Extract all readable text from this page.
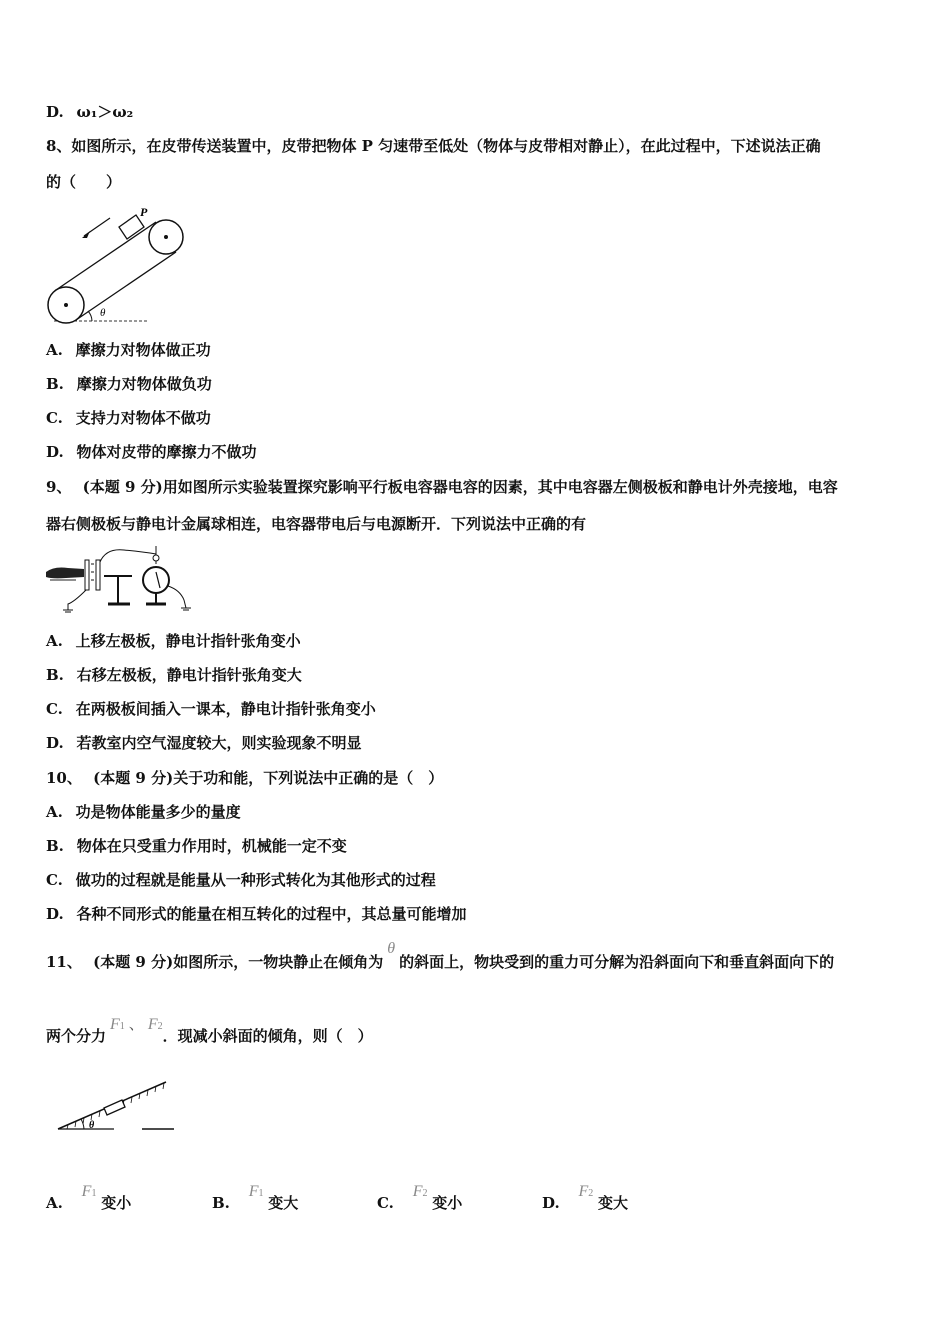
D. ω₁＞ω₂
8、如图所示，在皮带传送装置中，皮带把物体 P 匀速带至低处（物体与皮带相对静止），在此过程中，下述说法正确
的（　　）
P
θ
A. 摩擦力对物体做正功
B. 摩擦力对物体做负功
C. 支持力对物体不做功
D. 物体对皮带的摩擦力不做功
9、 (本题 9 分)用如图所示实验装置探究影响平行板电容器电容的因素，其中电容器左侧极板和静电计外壳接地，电容
器右侧极板与静电计金属球相连，电容器带电后与电源断开．下列说法中正确的有
A. 上移左极板，静电计指针张角变小
B. 右移左极板，静电计指针张角变大
C. 在两极板间插入一课本，静电计指针张角变小
D. 若教室内空气湿度较大，则实验现象不明显
10、 (本题 9 分)关于功和能，下列说法中正确的是（　）
A. 功是物体能量多少的量度
B. 物体在只受重力作用时，机械能一定不变
C. 做功的过程就是能量从一种形式转化为其他形式的过程
D. 各种不同形式的能量在相互转化的过程中，其总量可能增加
11、 (本题 9 分)如图所示，一物块静止在倾角为θ的斜面上，物块受到的重力可分解为沿斜面向下和垂直斜面向下的
两个分力F1 、 F2．现减小斜面的倾角，则（　）
θ
A. F1 变小	B. F1 变大	C. F2 变小	D. F2 变大
